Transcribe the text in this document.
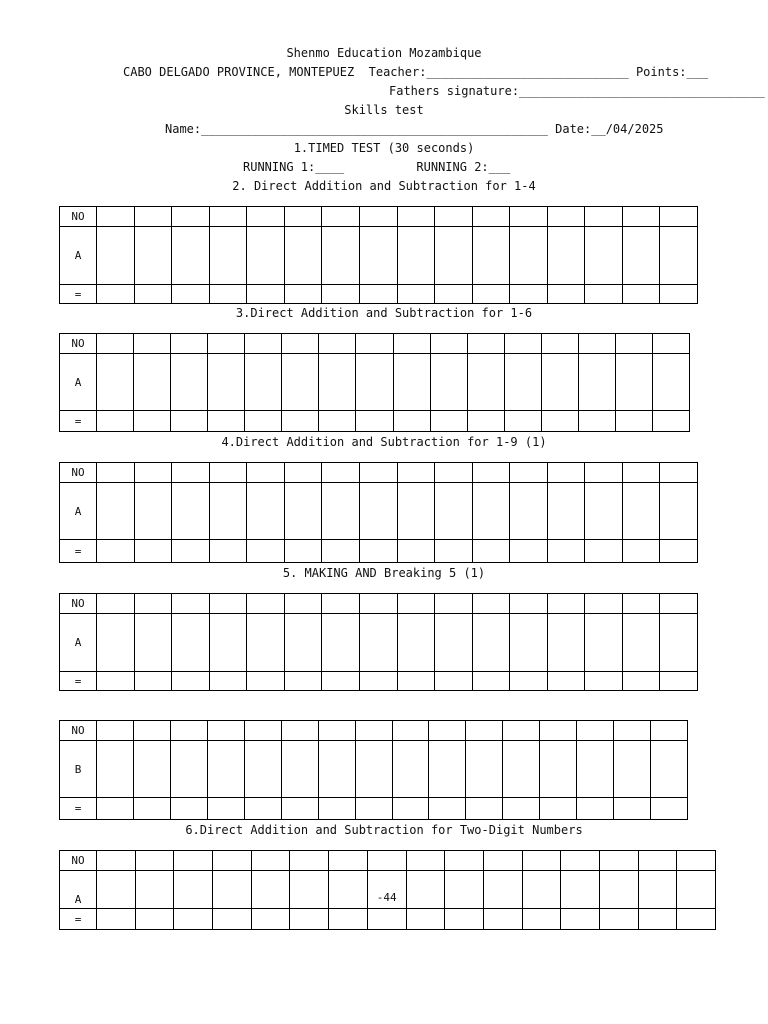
Shenmo Education Mozambique
CABO DELGADO PROVINCE, MONTEPUEZ  Teacher:____________________________ Points:___
Fathers signature:__________________________________
Skills test
Name:________________________________________________ Date:__/04/2025
1.TIMED TEST (30 seconds)
RUNNING 1:____          RUNNING 2:___
2. Direct Addition and Subtraction for 1-4
NO																
A																
=																
3.Direct Addition and Subtraction for 1-6
NO																
A																
=																
4.Direct Addition and Subtraction for 1-9 (1)
NO																
A																
=																
5. MAKING AND Breaking 5 (1)
NO																
A																
=																
NO																
B																
=																
6.Direct Addition and Subtraction for Two-Digit Numbers
NO																
A								-44								
=																
